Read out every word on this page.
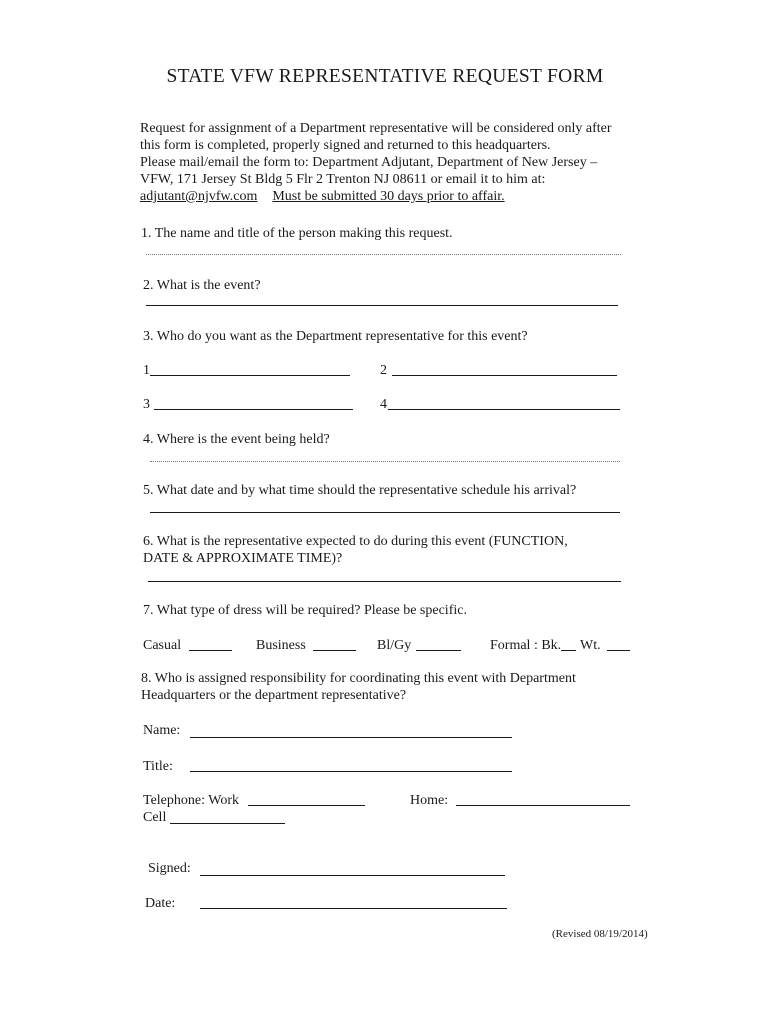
STATE VFW REPRESENTATIVE REQUEST FORM
Request for assignment of a Department representative will be considered only after
this form is completed, properly signed and returned to this headquarters.
Please mail/email the form to: Department Adjutant, Department of New Jersey –
VFW, 171 Jersey St Bldg 5 Flr 2 Trenton NJ 08611 or email it to him at:
adjutant@njvfw.com Must be submitted 30 days prior to affair.
1. The name and title of the person making this request.
2. What is the event?
3. Who do you want as the Department representative for this event?
1	2
3	4
4. Where is the event being held?
5. What date and by what time should the representative schedule his arrival?
6. What is the representative expected to do during this event (FUNCTION,
DATE & APPROXIMATE TIME)?
7. What type of dress will be required? Please be specific.
Casual	Business	Bl/Gy	Formal : Bk. Wt.
8. Who is assigned responsibility for coordinating this event with Department
Headquarters or the department representative?
Name:
Title:
Telephone: Work	Home:
Cell
Signed:
Date:
(Revised 08/19/2014)
